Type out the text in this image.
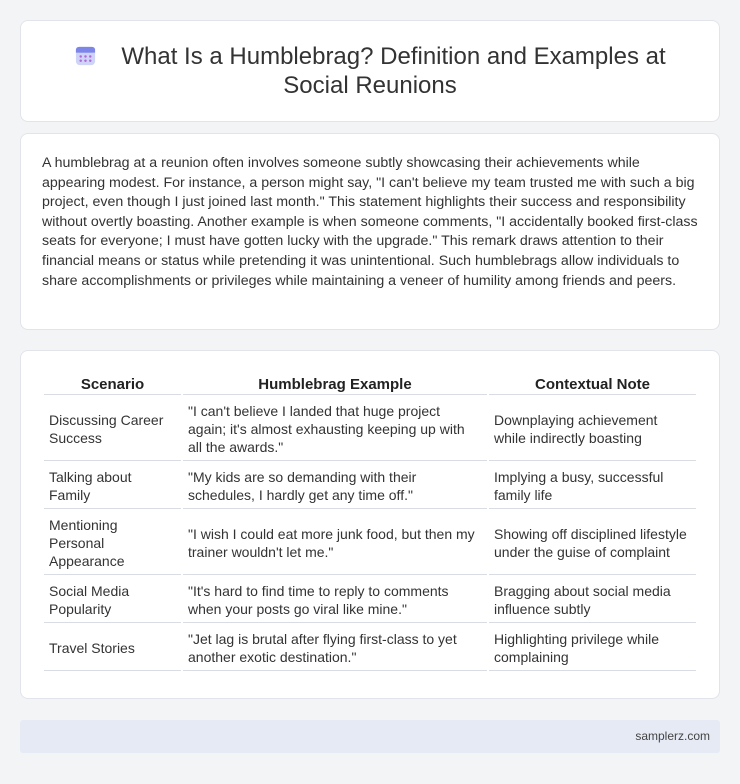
What Is a Humblebrag? Definition and Examples at Social Reunions

A humblebrag at a reunion often involves someone subtly showcasing their achievements while appearing modest. For instance, a person might say, "I can't believe my team trusted me with such a big project, even though I just joined last month." This statement highlights their success and responsibility without overtly boasting. Another example is when someone comments, "I accidentally booked first-class seats for everyone; I must have gotten lucky with the upgrade." This remark draws attention to their financial means or status while pretending it was unintentional. Such humblebrags allow individuals to share accomplishments or privileges while maintaining a veneer of humility among friends and peers.

Scenario	Humblebrag Example	Contextual Note
Discussing Career Success	"I can't believe I landed that huge project again; it's almost exhausting keeping up with all the awards."	Downplaying achievement while indirectly boasting
Talking about Family	"My kids are so demanding with their schedules, I hardly get any time off."	Implying a busy, successful family life
Mentioning Personal Appearance	"I wish I could eat more junk food, but then my trainer wouldn't let me."	Showing off disciplined lifestyle under the guise of complaint
Social Media Popularity	"It's hard to find time to reply to comments when your posts go viral like mine."	Bragging about social media influence subtly
Travel Stories	"Jet lag is brutal after flying first-class to yet another exotic destination."	Highlighting privilege while complaining
samplerz.com
